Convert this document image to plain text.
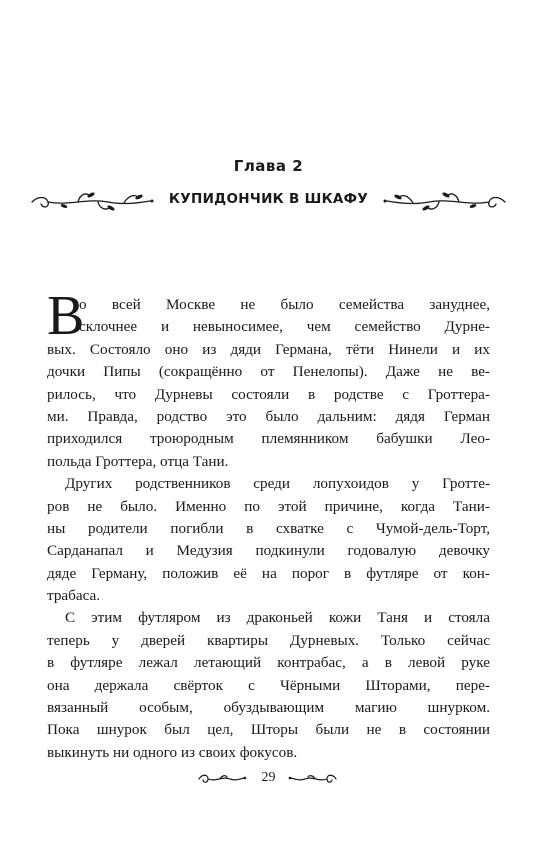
Глава 2
КУПИДОНЧИК В ШКАФУ
В
о всей Москве не было семейства зануднее,
склочнее и невыносимее, чем семейство Дурне-
вых. Состояло оно из дяди Германа, тёти Нинели и их
дочки Пипы (сокращённо от Пенелопы). Даже не ве-
рилось, что Дурневы состояли в родстве с Гроттера-
ми. Правда, родство это было дальним: дядя Герман
приходился троюродным племянником бабушки Лео-
польда Гроттера, отца Тани.
Других родственников среди лопухоидов у Гротте-
ров не было. Именно по этой причине, когда Тани-
ны родители погибли в схватке с Чумой-дель-Торт,
Сарданапал и Медузия подкинули годовалую девочку
дяде Герману, положив её на порог в футляре от кон-
трабаса.
С этим футляром из драконьей кожи Таня и стояла
теперь у дверей квартиры Дурневых. Только сейчас
в футляре лежал летающий контрабас, а в левой руке
она держала свёрток с Чёрными Шторами, пере-
вязанный особым, обуздывающим магию шнурком.
Пока шнурок был цел, Шторы были не в состоянии
выкинуть ни одного из своих фокусов.
29
